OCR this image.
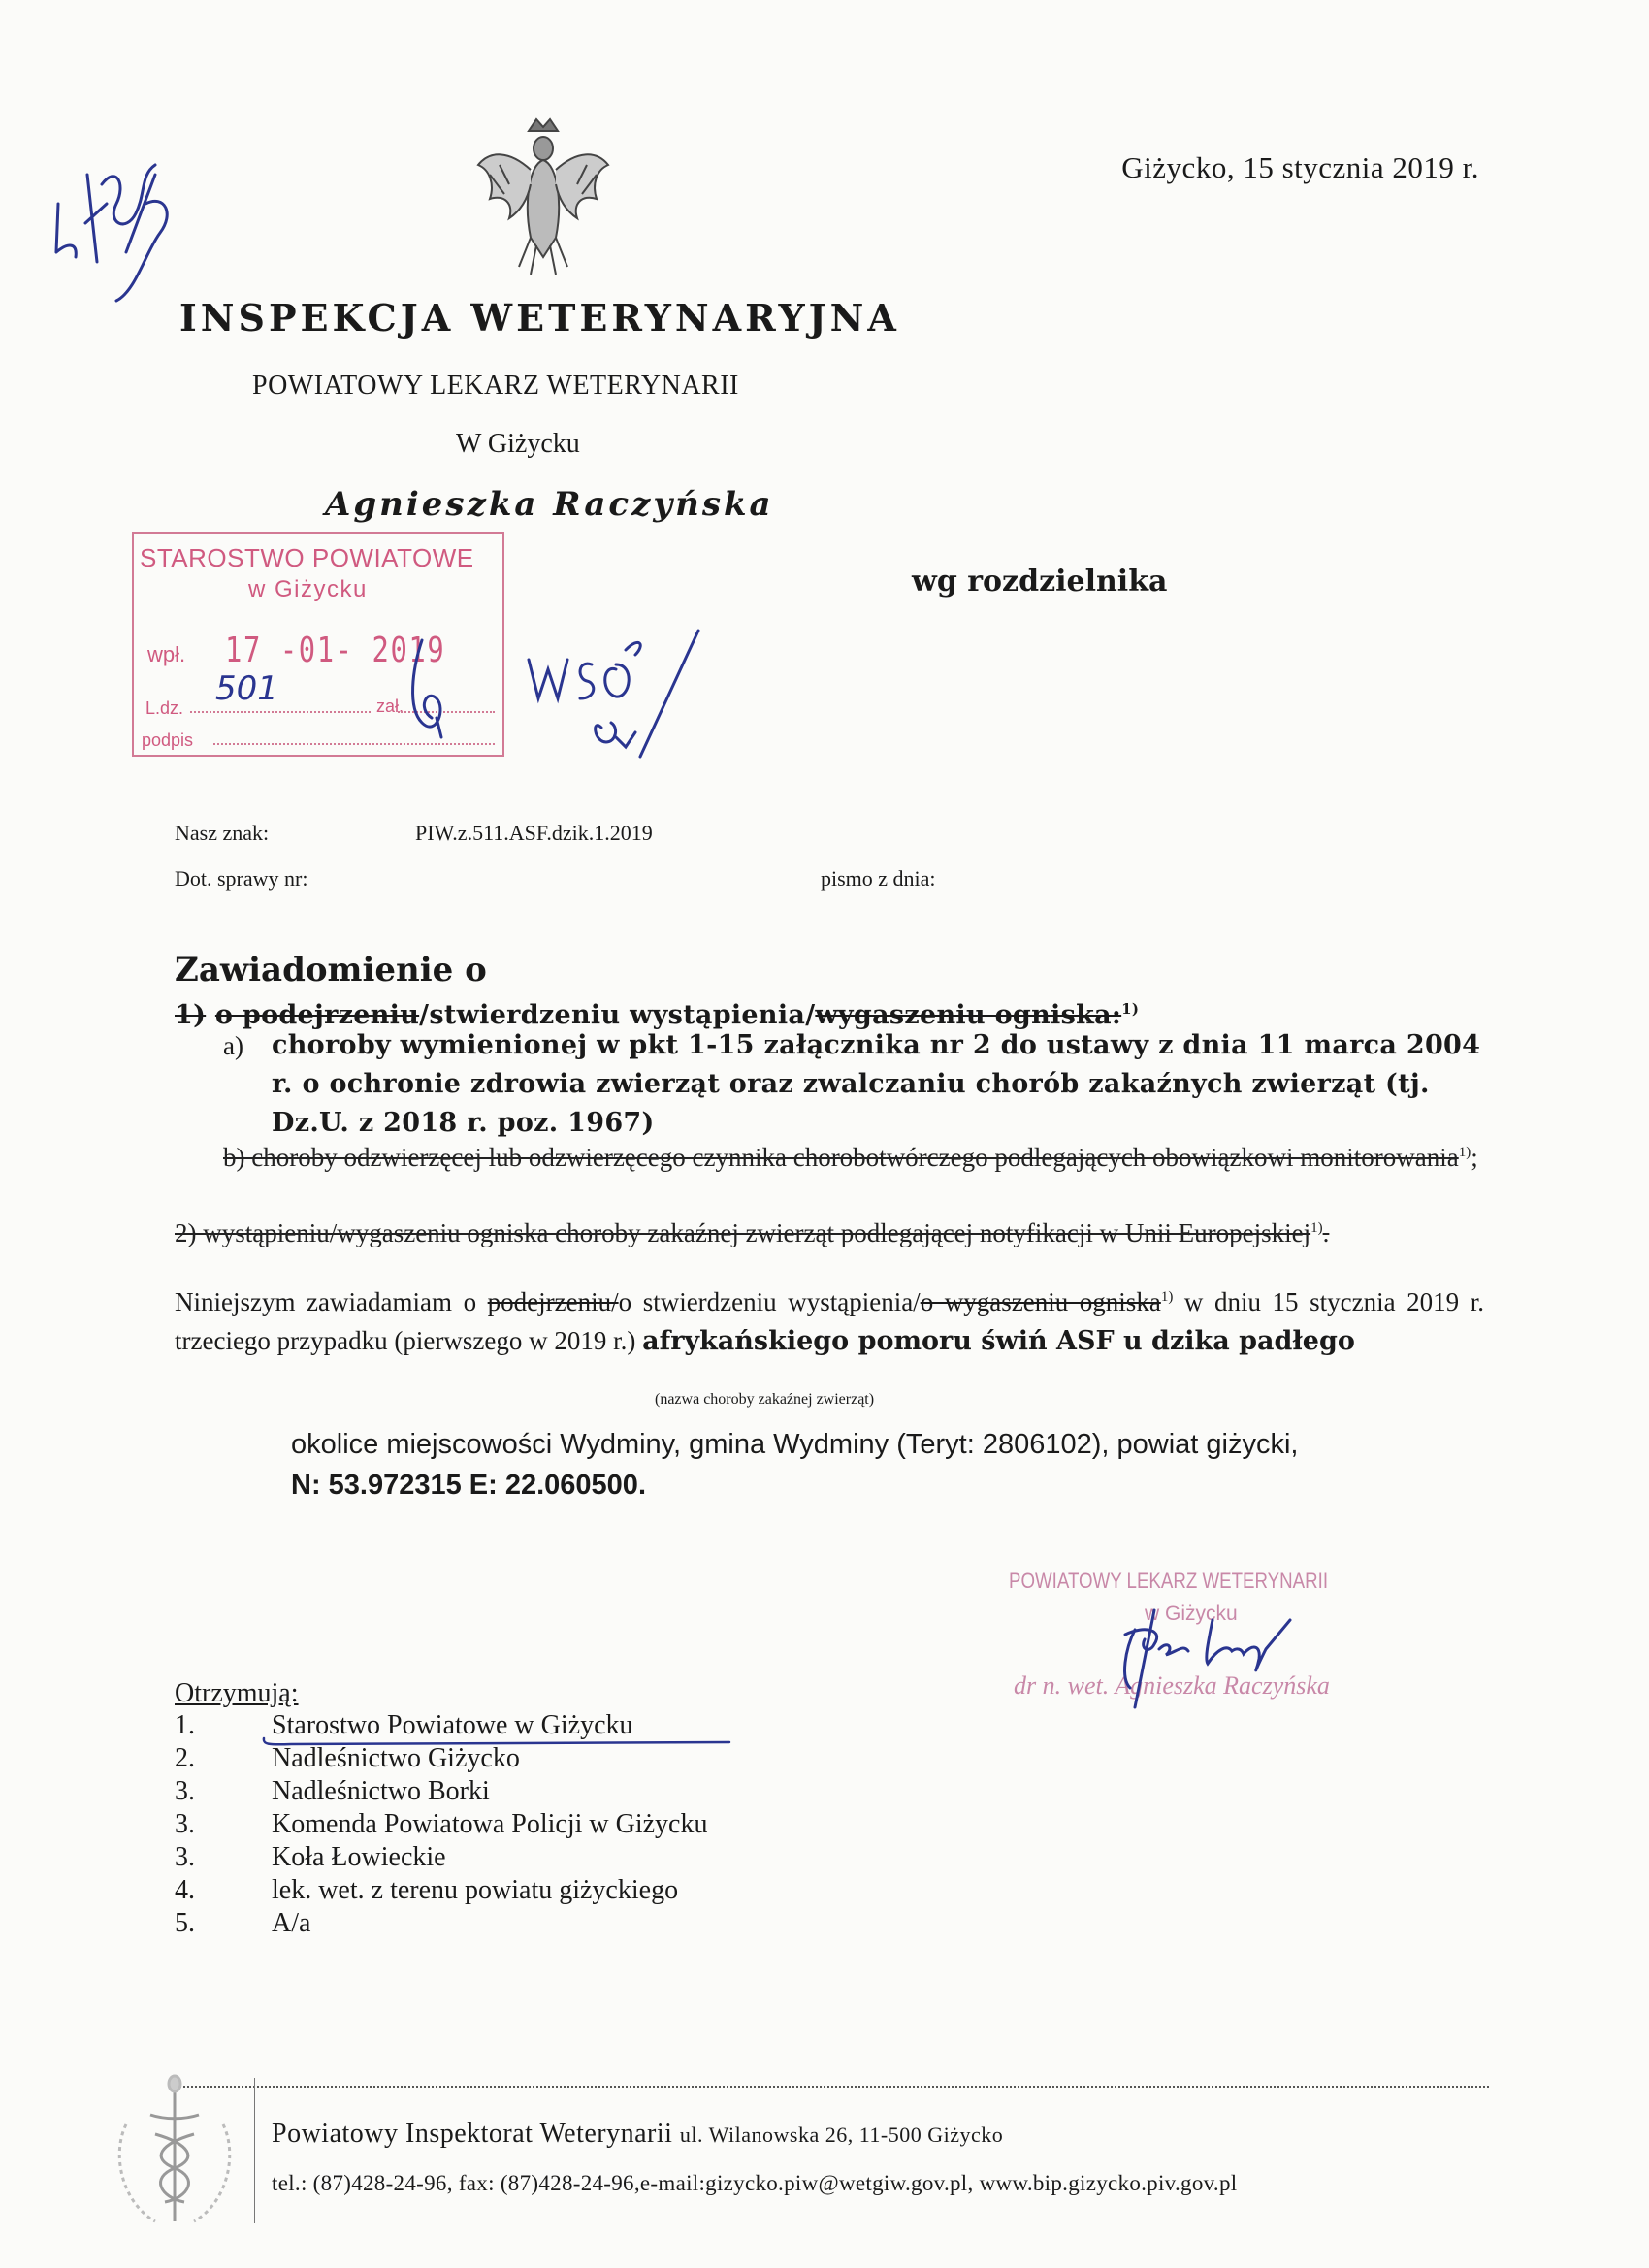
Giżycko, 15 stycznia 2019 r.
INSPEKCJA WETERYNARYJNA
POWIATOWY LEKARZ WETERYNARII
W Giżycku
Agnieszka Raczyńska
STAROSTWO POWIATOWE
w Giżycku
wpł. 17 -01- 2019
501
L.dz.	zał.
podpis
wg rozdzielnika
Nasz znak:	PIW.z.511.ASF.dzik.1.2019
Dot. sprawy nr:	pismo z dnia:
Zawiadomienie o
1) o podejrzeniu/stwierdzeniu wystąpienia/wygaszeniu ogniska:$^{1)}$
a) choroby wymienionej w pkt 1-15 załącznika nr 2 do ustawy z dnia 11 marca 2004 r. o ochronie zdrowia zwierząt oraz zwalczaniu chorób zakaźnych zwierząt (tj. Dz.U. z 2018 r. poz. 1967)
b) choroby odzwierzęcej lub odzwierzęcego czynnika chorobotwórczego podlegających obowiązkowi monitorowania$^{1)}$;
2) wystąpieniu/wygaszeniu ogniska choroby zakaźnej zwierząt podlegającej notyfikacji w Unii Europejskiej$^{1)}$.
Niniejszym zawiadamiam o podejrzeniu/o stwierdzeniu wystąpienia/o wygaszeniu ogniska$^{1)}$ w dniu 15 stycznia 2019 r. trzeciego przypadku (pierwszego w 2019 r.) afrykańskiego pomoru świń ASF u dzika padłego
(nazwa choroby zakaźnej zwierząt)
okolice miejscowości Wydminy, gmina Wydminy (Teryt: 2806102), powiat giżycki,
N: 53.972315 E: 22.060500.
POWIATOWY LEKARZ WETERYNARII
w Giżycku
dr n. wet. Agnieszka Raczyńska
Otrzymują:
1.	Starostwo Powiatowe w Giżycku
2.	Nadleśnictwo Giżycko
3.	Nadleśnictwo Borki
3.	Komenda Powiatowa Policji w Giżycku
3.	Koła Łowieckie
4.	lek. wet. z terenu powiatu giżyckiego
5.	A/a
Powiatowy Inspektorat Weterynarii ul. Wilanowska 26, 11-500 Giżycko
tel.: (87)428-24-96, fax: (87)428-24-96,e-mail:gizycko.piw@wetgiw.gov.pl, www.bip.gizycko.piv.gov.pl
